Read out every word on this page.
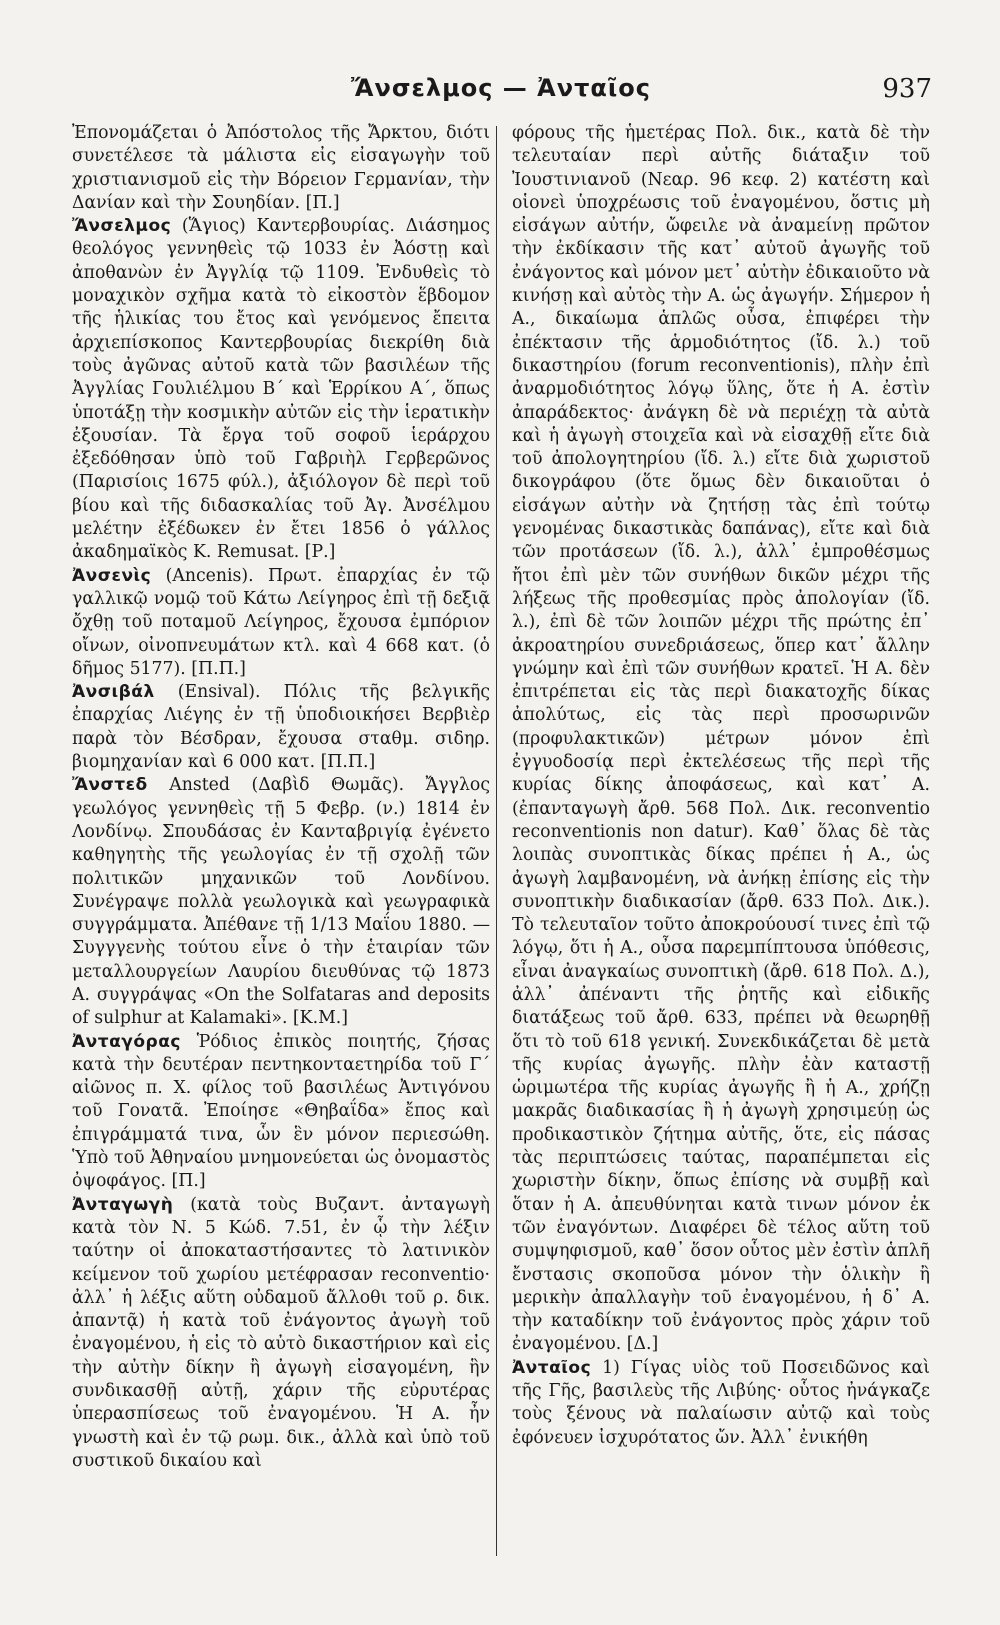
Ἄνσελμος — Ἀνταῖος	937

Ἐπονομάζεται ὁ Ἀπόστολος τῆς Ἄρκτου, διότι συνετέλεσε τὰ μάλιστα εἰς εἰσαγωγὴν τοῦ χριστιανισμοῦ εἰς τὴν Βόρειον Γερμανίαν, τὴν Δανίαν καὶ τὴν Σουηδίαν. [Π.]

Ἄνσελμος (Ἅγιος) Καντερβουρίας. Διάσημος θεολόγος γεννηθεὶς τῷ 1033 ἐν Ἀόστῃ καὶ ἀποθανὼν ἐν Ἀγγλίᾳ τῷ 1109. Ἐνδυθεὶς τὸ μοναχικὸν σχῆμα κατὰ τὸ εἰκοστὸν ἕβδομον τῆς ἡλικίας του ἔτος καὶ γενόμενος ἔπειτα ἀρχιεπίσκοπος Καντερβουρίας διεκρίθη διὰ τοὺς ἀγῶνας αὐτοῦ κατὰ τῶν βασιλέων τῆς Ἀγγλίας Γουλιέλμου Β΄ καὶ Ἑρρίκου Α΄, ὅπως ὑποτάξῃ τὴν κοσμικὴν αὐτῶν εἰς τὴν ἱερατικὴν ἐξουσίαν. Τὰ ἔργα τοῦ σοφοῦ ἱεράρχου ἐξεδόθησαν ὑπὸ τοῦ Γαβριὴλ Γερβερῶνος (Παρισίοις 1675 φύλ.), ἀξιόλογον δὲ περὶ τοῦ βίου καὶ τῆς διδασκαλίας τοῦ Ἀγ. Ἀνσέλμου μελέτην ἐξέδωκεν ἐν ἔτει 1856 ὁ γάλλος ἀκαδημαϊκὸς K. Remusat. [Ρ.]

Ἀνσενὶς (Ancenis). Πρωτ. ἐπαρχίας ἐν τῷ γαλλικῷ νομῷ τοῦ Κάτω Λείγηρος ἐπὶ τῇ δεξιᾷ ὄχθῃ τοῦ ποταμοῦ Λείγηρος, ἔχουσα ἐμπόριον οἴνων, οἰνοπνευμάτων κτλ. καὶ 4 668 κατ. (ὁ δῆμος 5177). [Π.Π.]

Ἀνσιβάλ (Ensival). Πόλις τῆς βελγικῆς ἐπαρχίας Λιέγης ἐν τῇ ὑποδιοικήσει Βερβιὲρ παρὰ τὸν Βέσδραν, ἔχουσα σταθμ. σιδηρ. βιομηχανίαν καὶ 6 000 κατ. [Π.Π.]

Ἄνστεδ Ansted (Δαβὶδ Θωμᾶς). Ἄγγλος γεωλόγος γεννηθεὶς τῇ 5 Φεβρ. (ν.) 1814 ἐν Λονδίνῳ. Σπουδάσας ἐν Κανταβριγίᾳ ἐγένετο καθηγητὴς τῆς γεωλογίας ἐν τῇ σχολῇ τῶν πολιτικῶν μηχανικῶν τοῦ Λονδίνου. Συνέγραψε πολλὰ γεωλογικὰ καὶ γεωγραφικὰ συγγράμματα. Ἀπέθανε τῇ 1/13 Μαΐου 1880. —Συγγγενὴς τούτου εἶνε ὁ τὴν ἑταιρίαν τῶν μεταλλουργείων Λαυρίου διευθύνας τῷ 1873 A. συγγράψας «On the Solfataras and deposits of sulphur at Kalamaki». [K.M.]

Ἀνταγόρας Ῥόδιος ἐπικὸς ποιητής, ζήσας κατὰ τὴν δευτέραν πεντηκονταετηρίδα τοῦ Γ΄ αἰῶνος π. Χ. φίλος τοῦ βασιλέως Ἀντιγόνου τοῦ Γονατᾶ. Ἐποίησε «Θηβαΐδα» ἔπος καὶ ἐπιγράμματά τινα, ὧν ἓν μόνον περιεσώθη. Ὑπὸ τοῦ Ἀθηναίου μνημονεύεται ὡς ὀνομαστὸς ὀψοφάγος. [Π.]

Ἀνταγωγὴ (κατὰ τοὺς Βυζαντ. ἀνταγωγὴ κατὰ τὸν Ν. 5 Κώδ. 7.51, ἐν ᾧ τὴν λέξιν ταύτην οἱ ἀποκαταστήσαντες τὸ λατινικὸν κείμενον τοῦ χωρίου μετέφρασαν reconventio· ἀλλ᾽ ἡ λέξις αὕτη οὐδαμοῦ ἄλλοθι τοῦ ρ. δικ. ἀπαντᾷ) ἡ κατὰ τοῦ ἐνάγοντος ἀγωγὴ τοῦ ἐναγομένου, ἡ εἰς τὸ αὐτὸ δικαστήριον καὶ εἰς τὴν αὐτὴν δίκην ἢ ἀγωγὴ εἰσαγομένη, ἣν συνδικασθῇ αὐτῇ, χάριν τῆς εὐρυτέρας ὑπερασπίσεως τοῦ ἐναγομένου. Ἡ Α. ἦν γνωστὴ καὶ ἐν τῷ ρωμ. δικ., ἀλλὰ καὶ ὑπὸ τοῦ συστικοῦ δικαίου καὶ

φόρους τῆς ἡμετέρας Πολ. δικ., κατὰ δὲ τὴν τελευταίαν περὶ αὐτῆς διάταξιν τοῦ Ἰουστινιανοῦ (Νεαρ. 96 κεφ. 2) κατέστη καὶ οἱονεὶ ὑποχρέωσις τοῦ ἐναγομένου, ὅστις μὴ εἰσάγων αὐτήν, ὤφειλε νὰ ἀναμείνῃ πρῶτον τὴν ἐκδίκασιν τῆς κατ᾽ αὐτοῦ ἀγωγῆς τοῦ ἐνάγοντος καὶ μόνον μετ᾽ αὐτὴν ἐδικαιοῦτο νὰ κινήσῃ καὶ αὐτὸς τὴν Α. ὡς ἀγωγήν. Σήμερον ἡ Α., δικαίωμα ἁπλῶς οὖσα, ἐπιφέρει τὴν ἐπέκτασιν τῆς ἁρμοδιότητος (ἴδ. λ.) τοῦ δικαστηρίου (forum reconventionis), πλὴν ἐπὶ ἀναρμοδιότητος λόγῳ ὕλης, ὅτε ἡ Α. ἐστὶν ἀπαράδεκτος· ἀνάγκη δὲ νὰ περιέχῃ τὰ αὐτὰ καὶ ἡ ἀγωγὴ στοιχεῖα καὶ νὰ εἰσαχθῇ εἴτε διὰ τοῦ ἀπολογητηρίου (ἴδ. λ.) εἴτε διὰ χωριστοῦ δικογράφου (ὅτε ὅμως δὲν δικαιοῦται ὁ εἰσάγων αὐτὴν νὰ ζητήσῃ τὰς ἐπὶ τούτῳ γενομένας δικαστικὰς δαπάνας), εἴτε καὶ διὰ τῶν προτάσεων (ἴδ. λ.), ἀλλ᾽ ἐμπροθέσμως ἤτοι ἐπὶ μὲν τῶν συνήθων δικῶν μέχρι τῆς λήξεως τῆς προθεσμίας πρὸς ἀπολογίαν (ἴδ. λ.), ἐπὶ δὲ τῶν λοιπῶν μέχρι τῆς πρώτης ἐπ᾽ ἀκροατηρίου συνεδριάσεως, ὅπερ κατ᾽ ἄλλην γνώμην καὶ ἐπὶ τῶν συνήθων κρατεῖ. Ἡ Α. δὲν ἐπιτρέπεται εἰς τὰς περὶ διακατοχῆς δίκας ἀπολύτως, εἰς τὰς περὶ προσωρινῶν (προφυλακτικῶν) μέτρων μόνον ἐπὶ ἐγγυοδοσίᾳ περὶ ἐκτελέσεως τῆς περὶ τῆς κυρίας δίκης ἀποφάσεως, καὶ κατ᾽ Α. (ἐπανταγωγὴ ἄρθ. 568 Πολ. Δικ. reconventio reconventionis non datur). Καθ᾽ ὅλας δὲ τὰς λοιπὰς συνοπτικὰς δίκας πρέπει ἡ Α., ὡς ἀγωγὴ λαμβανομένη, νὰ ἀνήκῃ ἐπίσης εἰς τὴν συνοπτικὴν διαδικασίαν (ἄρθ. 633 Πολ. Δικ.). Τὸ τελευταῖον τοῦτο ἀποκρούουσί τινες ἐπὶ τῷ λόγῳ, ὅτι ἡ Α., οὖσα παρεμπίπτουσα ὑπόθεσις, εἶναι ἀναγκαίως συνοπτικὴ (ἄρθ. 618 Πολ. Δ.), ἀλλ᾽ ἀπέναντι τῆς ῥητῆς καὶ εἰδικῆς διατάξεως τοῦ ἄρθ. 633, πρέπει νὰ θεωρηθῇ ὅτι τὸ τοῦ 618 γενική. Συνεκδικάζεται δὲ μετὰ τῆς κυρίας ἀγωγῆς. πλὴν ἐὰν καταστῇ ὡριμωτέρα τῆς κυρίας ἀγωγῆς ἢ ἡ Α., χρήζῃ μακρᾶς διαδικασίας ἢ ἡ ἀγωγὴ χρησιμεύῃ ὡς προδικαστικὸν ζήτημα αὐτῆς, ὅτε, εἰς πάσας τὰς περιπτώσεις ταύτας, παραπέμπεται εἰς χωριστὴν δίκην, ὅπως ἐπίσης νὰ συμβῇ καὶ ὅταν ἡ Α. ἀπευθύνηται κατὰ τινων μόνον ἐκ τῶν ἐναγόντων. Διαφέρει δὲ τέλος αὕτη τοῦ συμψηφισμοῦ, καθ᾽ ὅσον οὗτος μὲν ἐστὶν ἁπλῆ ἔνστασις σκοποῦσα μόνον τὴν ὁλικὴν ἢ μερικὴν ἀπαλλαγὴν τοῦ ἐναγομένου, ἡ δ᾽ Α. τὴν καταδίκην τοῦ ἐνάγοντος πρὸς χάριν τοῦ ἐναγομένου. [Δ.]

Ἀνταῖος 1) Γίγας υἱὸς τοῦ Ποσειδῶνος καὶ τῆς Γῆς, βασιλεὺς τῆς Λιβύης· οὗτος ἠνάγκαζε τοὺς ξένους νὰ παλαίωσιν αὐτῷ καὶ τοὺς ἐφόνευεν ἰσχυρότατος ὤν. Ἀλλ᾽ ἐνικήθη
